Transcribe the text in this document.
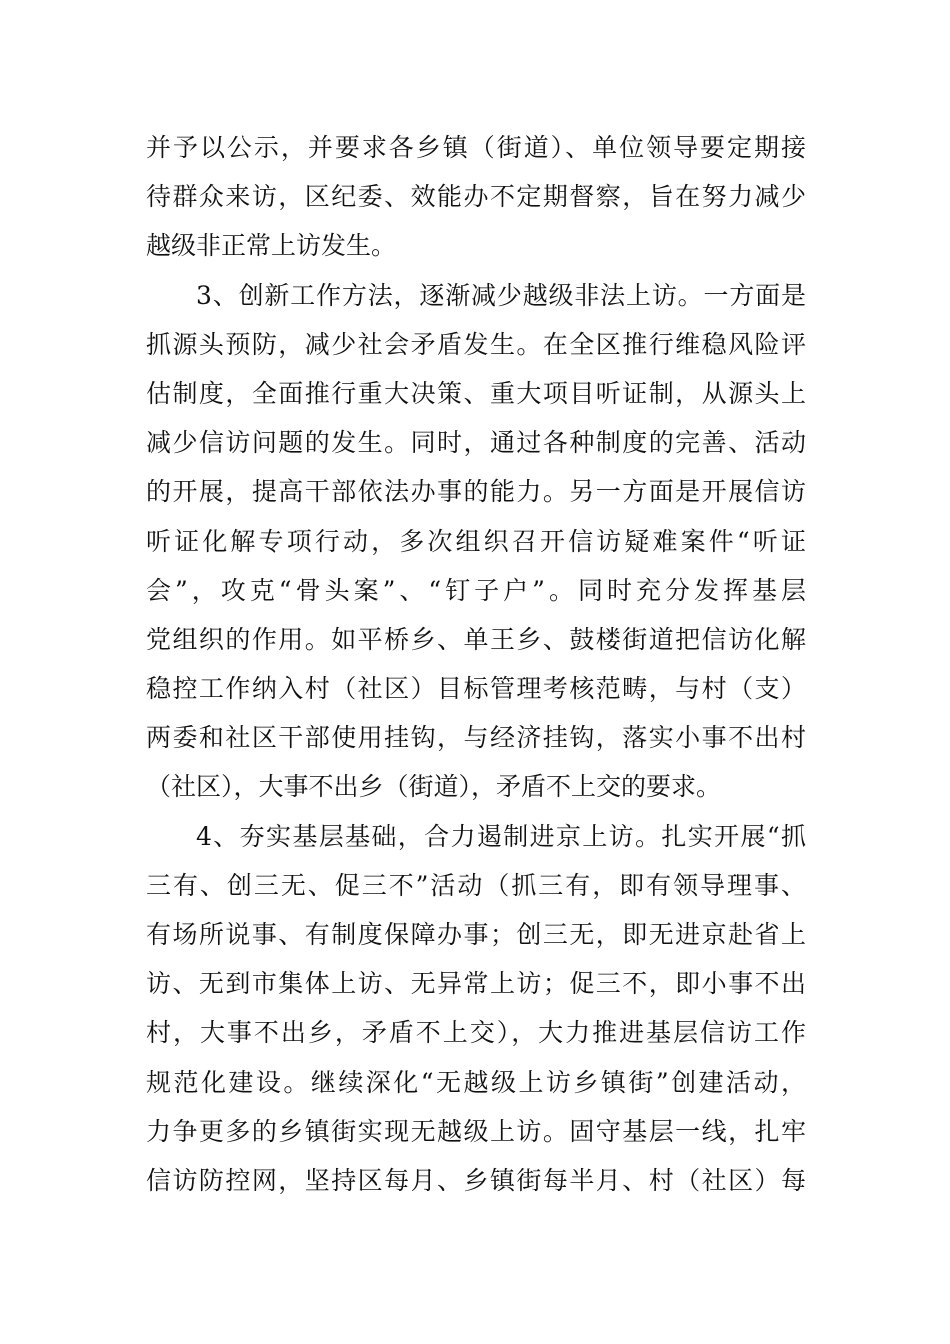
并予以公示，并要求各乡镇（街道）、单位领导要定期接
待群众来访，区纪委、效能办不定期督察，旨在努力减少
越级非正常上访发生。
3、创新工作方法，逐渐减少越级非法上访。一方面是
抓源头预防，减少社会矛盾发生。在全区推行维稳风险评
估制度，全面推行重大决策、重大项目听证制，从源头上
减少信访问题的发生。同时，通过各种制度的完善、活动
的开展，提高干部依法办事的能力。另一方面是开展信访
听证化解专项行动，多次组织召开信访疑难案件“听证
会”，攻克“骨头案”、“钉子户”。同时充分发挥基层
党组织的作用。如平桥乡、单王乡、鼓楼街道把信访化解
稳控工作纳入村（社区）目标管理考核范畴，与村（支）
两委和社区干部使用挂钩，与经济挂钩，落实小事不出村
（社区），大事不出乡（街道），矛盾不上交的要求。
4、夯实基层基础，合力遏制进京上访。扎实开展“抓
三有、创三无、促三不”活动（抓三有，即有领导理事、
有场所说事、有制度保障办事；创三无，即无进京赴省上
访、无到市集体上访、无异常上访；促三不，即小事不出
村，大事不出乡，矛盾不上交），大力推进基层信访工作
规范化建设。继续深化“无越级上访乡镇街”创建活动，
力争更多的乡镇街实现无越级上访。固守基层一线，扎牢
信访防控网，坚持区每月、乡镇街每半月、村（社区）每
